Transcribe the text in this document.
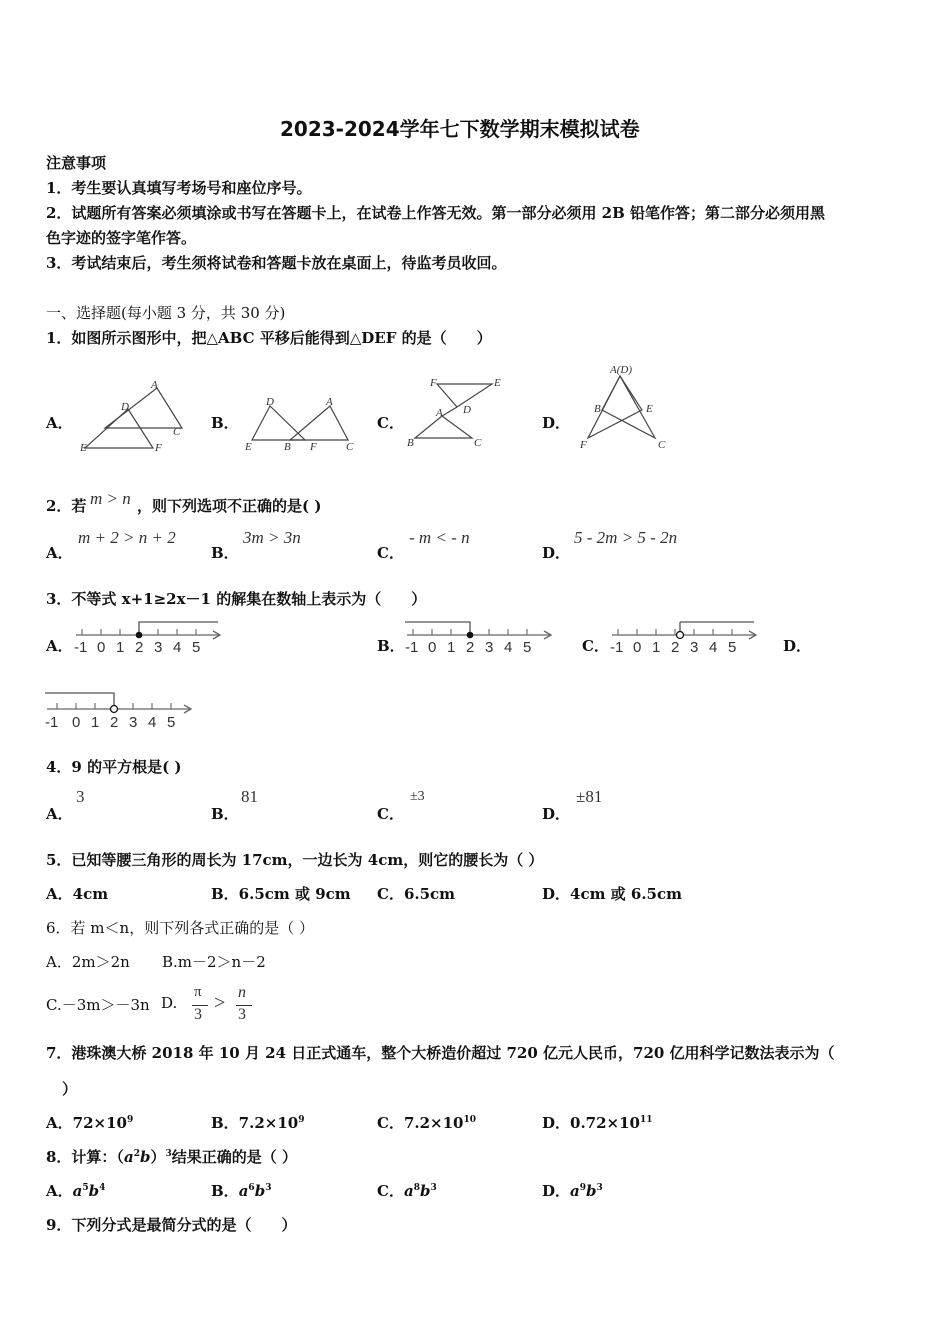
2023-2024学年七下数学期末模拟试卷
注意事项
1．考生要认真填写考场号和座位序号。
2．试题所有答案必须填涂或书写在答题卡上，在试卷上作答无效。第一部分必须用 2B 铅笔作答；第二部分必须用黑
色字迹的签字笔作答。
3．考试结束后，考生须将试卷和答题卡放在桌面上，待监考员收回。
一、选择题(每小题 3 分，共 30 分)
1．如图所示图形中，把△ABC 平移后能得到△DEF 的是（　　）
A．
A
D
C
E	F
B．
D	A
E	B F	C
C．
F	E
A D
B	C
D．
A(D)
B	E
F	C
2．若 m > n ，则下列选项不正确的是( )
A．
m + 2 > n + 2
B．
3m > 3n
C．
- m < - n
D．
5 - 2m > 5 - 2n
3．不等式 x+1≥2x－1 的解集在数轴上表示为（　　）
A． -1 0 1 2 3 4 5	B． -1 0 1 2 3 4 5	C． -1 0 1 2 3 4 5	D．
-1 0 1 2 3 4 5
4．9 的平方根是( )
A．
3
B．
81
C．
±3
D．
±81
5．已知等腰三角形的周长为 17cm，一边长为 4cm，则它的腰长为（ ）
A．4cm	B．6.5cm 或 9cm C．6.5cm	D．4cm 或 6.5cm
6．若 m＜n，则下列各式正确的是（ ）
A．2m＞2n B.m－2＞n－2
C.－3m＞－3n D.
π
3
> n
3
7．港珠澳大桥 2018 年 10 月 24 日正式通车，整个大桥造价超过 720 亿元人民币，720 亿用科学记数法表示为（
）
A．$72\times 10^9$	B．$7.2\times 10^9$	C．$7.2\times 10^{10}$	D．$0.72\times 10^{11}$
8．计算：$(a^2b)^3$结果正确的是（ ）
A．$a^5b^4$	B．$a^6b^3$	C．$a^8b^3$	D．$a^9b^3$
9．下列分式是最简分式的是（　　）
